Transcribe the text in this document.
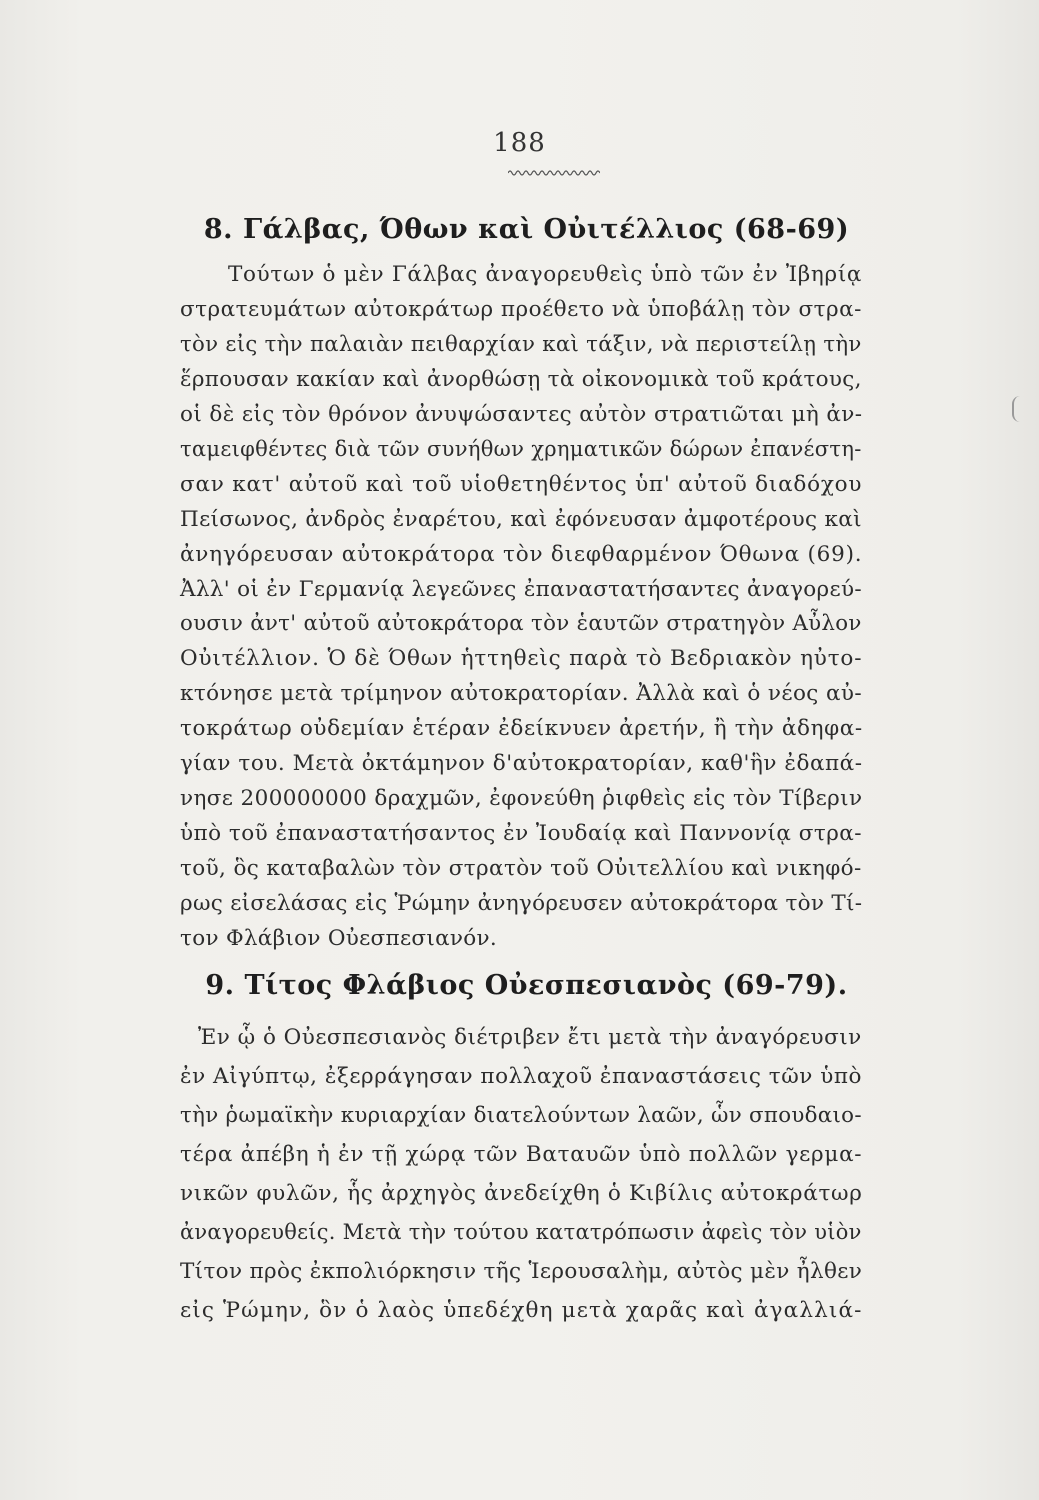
188
8. Γάλβας, Όθων καὶ Οὐιτέλλιος (68-69)
Τούτων ὁ μὲν Γάλβας ἀναγορευθεὶς ὑπὸ τῶν ἐν Ἰβηρίᾳ
στρατευμάτων αὐτοκράτωρ προέθετο νὰ ὑποβάλῃ τὸν στρα-
τὸν εἰς τὴν παλαιὰν πειθαρχίαν καὶ τάξιν, νὰ περιστείλῃ τὴν
ἕρπουσαν κακίαν καὶ ἀνορθώσῃ τὰ οἰκονομικὰ τοῦ κράτους,
οἱ δὲ εἰς τὸν θρόνον ἀνυψώσαντες αὐτὸν στρατιῶται μὴ ἀν-
ταμειφθέντες διὰ τῶν συνήθων χρηματικῶν δώρων ἐπανέστη-
σαν κατ' αὐτοῦ καὶ τοῦ υἱοθετηθέντος ὑπ' αὐτοῦ διαδόχου
Πείσωνος, ἀνδρὸς ἐναρέτου, καὶ ἐφόνευσαν ἀμφοτέρους καὶ
ἀνηγόρευσαν αὐτοκράτορα τὸν διεφθαρμένον Όθωνα (69).
Ἀλλ' οἱ ἐν Γερμανίᾳ λεγεῶνες ἐπαναστατήσαντες ἀναγορεύ-
ουσιν ἀντ' αὐτοῦ αὐτοκράτορα τὸν ἑαυτῶν στρατηγὸν Αὖλον
Οὐιτέλλιον. Ὁ δὲ Όθων ἡττηθεὶς παρὰ τὸ Βεδριακὸν ηὐτο-
κτόνησε μετὰ τρίμηνον αὐτοκρατορίαν. Ἀλλὰ καὶ ὁ νέος αὐ-
τοκράτωρ οὐδεμίαν ἑτέραν ἐδείκνυεν ἀρετήν, ἢ τὴν ἀδηφα-
γίαν του. Μετὰ ὀκτάμηνον δ'αὐτοκρατορίαν, καθ'ἣν ἐδαπά-
νησε 200000000 δραχμῶν, ἐφονεύθη ῥιφθεὶς εἰς τὸν Τίβεριν
ὑπὸ τοῦ ἐπαναστατήσαντος ἐν Ἰουδαίᾳ καὶ Παννονίᾳ στρα-
τοῦ, ὃς καταβαλὼν τὸν στρατὸν τοῦ Οὐιτελλίου καὶ νικηφό-
9. Τίτος Φλάβιος Οὐεσπεσιανὸς (69-79).
Ἐν ᾧ ὁ Οὐεσπεσιανὸς διέτριβεν ἔτι μετὰ τὴν ἀναγόρευσιν
ἐν Αἰγύπτῳ, ἐξερράγησαν πολλαχοῦ ἐπαναστάσεις τῶν ὑπὸ
τὴν ῥωμαϊκὴν κυριαρχίαν διατελούντων λαῶν, ὧν σπουδαιο-
τέρα ἀπέβη ἡ ἐν τῇ χώρᾳ τῶν Βαταυῶν ὑπὸ πολλῶν γερμα-
νικῶν φυλῶν, ἧς ἀρχηγὸς ἀνεδείχθη ὁ Κιβίλις αὐτοκράτωρ
ἀναγορευθείς. Μετὰ τὴν τούτου κατατρόπωσιν ἀφεὶς τὸν υἱὸν
Τίτον πρὸς ἐκπολιόρκησιν τῆς Ἱερουσαλὴμ, αὐτὸς μὲν ἦλθεν
εἰς Ῥώμην, ὃν ὁ λαὸς ὑπεδέχθη μετὰ χαρᾶς καὶ ἀγαλλιά-
ρως εἰσελάσας εἰς Ῥώμην ἀνηγόρευσεν αὐτοκράτορα τὸν Τί-
τον Φλάβιον Οὐεσπεσιανόν.
